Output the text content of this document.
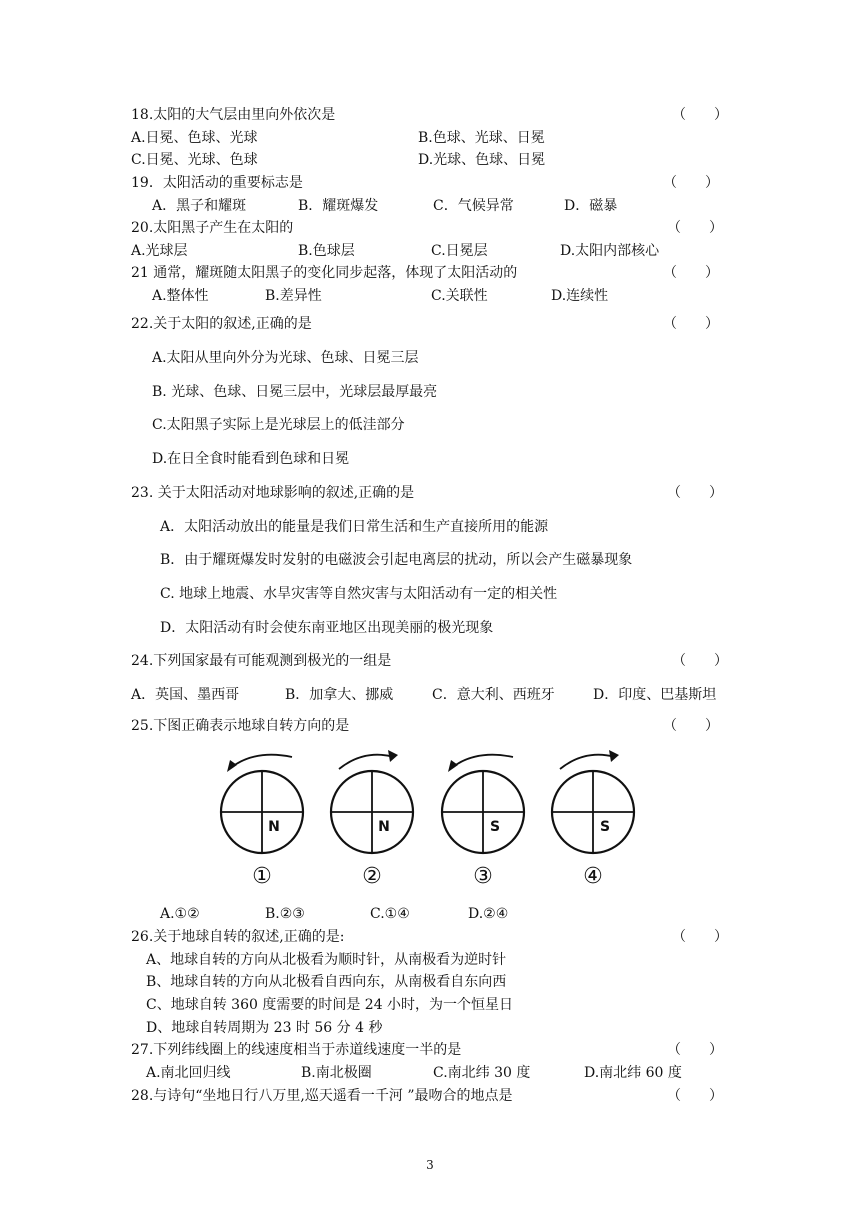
18.太阳的大气层由里向外依次是	（　　）
A.日冕、色球、光球	B.色球、光球、日冕
C.日冕、光球、色球	D.光球、色球、日冕
19．太阳活动的重要标志是	（　　）
A．黑子和耀斑	B．耀斑爆发	C．气候异常	D．磁暴
20.太阳黑子产生在太阳的	（　　）
A.光球层	B.色球层	C.日冕层	D.太阳内部核心
21 通常，耀斑随太阳黑子的变化同步起落，体现了太阳活动的	（　　）
A.整体性	B.差异性	C.关联性	D.连续性
22.关于太阳的叙述,正确的是	（　　）
A.太阳从里向外分为光球、色球、日冕三层
B. 光球、色球、日冕三层中，光球层最厚最亮
C.太阳黑子实际上是光球层上的低洼部分
D.在日全食时能看到色球和日冕
23. 关于太阳活动对地球影响的叙述,正确的是	（　　）
A．太阳活动放出的能量是我们日常生活和生产直接所用的能源
B．由于耀斑爆发时发射的电磁波会引起电离层的扰动，所以会产生磁暴现象
C. 地球上地震、水旱灾害等自然灾害与太阳活动有一定的相关性
D．太阳活动有时会使东南亚地区出现美丽的极光现象
24.下列国家最有可能观测到极光的一组是	（　　）
A．英国、墨西哥	B．加拿大、挪威	C．意大利、西班牙	D．印度、巴基斯坦
25.下图正确表示地球自转方向的是	（　　）
N
①
N
②
S
③
S
④
A.①②	B.②③	C.①④	D.②④
26.关于地球自转的叙述,正确的是:	（　　）
A、地球自转的方向从北极看为顺时针，从南极看为逆时针
B、地球自转的方向从北极看自西向东，从南极看自东向西
C、地球自转 360 度需要的时间是 24 小时，为一个恒星日
D、地球自转周期为 23 时 56 分 4 秒
27.下列纬线圈上的线速度相当于赤道线速度一半的是	（　　）
A.南北回归线	B.南北极圈	C.南北纬 30 度	D.南北纬 60 度
28.与诗句“坐地日行八万里,巡天遥看一千河 ”最吻合的地点是	（　　）
3
